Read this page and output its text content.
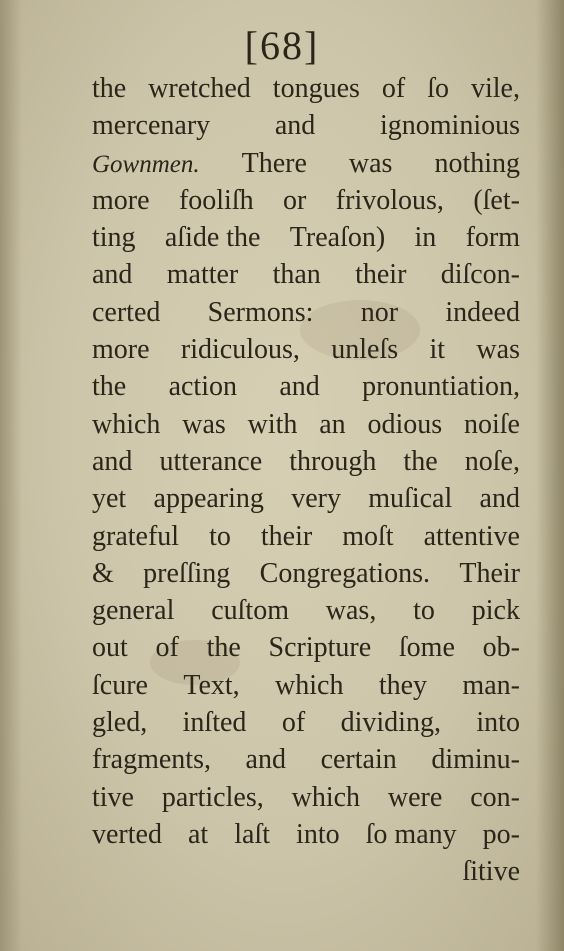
[68]
the wretched tongues of ſo vile,
mercenary and ignominious
Gownmen. There was nothing
more fooliſh or frivolous, (ſet-
ting aſide the Treaſon) in form
and matter than their diſcon-
certed Sermons: nor indeed
more ridiculous, unleſs it was
the action and pronuntiation,
which was with an odious noiſe
and utterance through the noſe,
yet appearing very muſical and
grateful to their moſt attentive
& preſſing Congregations. Their
general cuſtom was, to pick
out of the Scripture ſome ob-
ſcure Text, which they man-
gled, inſted of dividing, into
fragments, and certain diminu-
tive particles, which were con-
verted at laſt into ſo many po-
ſitive
